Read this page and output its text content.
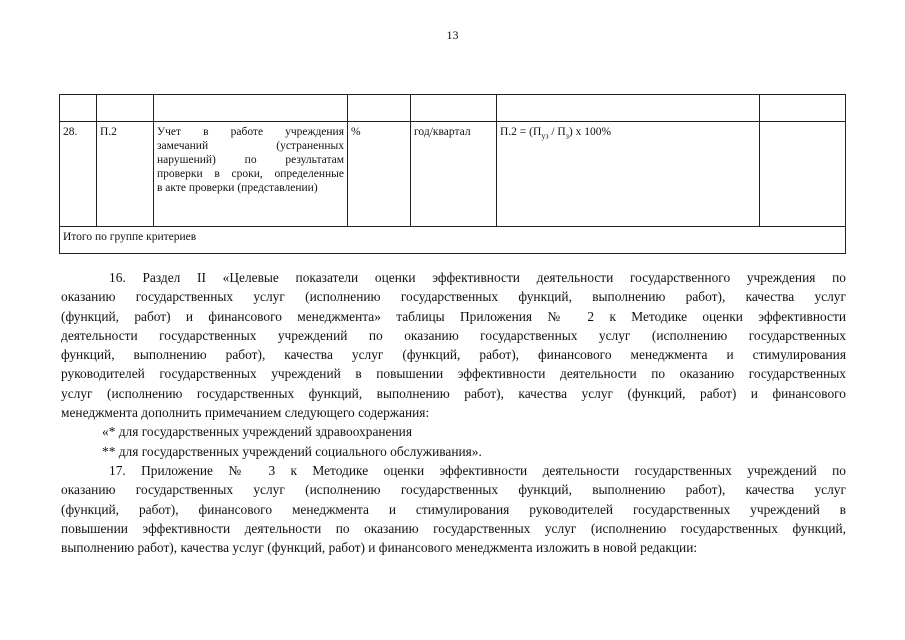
13

28.	П.2	Учет в работе учреждения
замечаний (устраненных
нарушений) по результатам
проверки в сроки, определенные
в акте проверки (представлении)	%	год/квартал	$П.2 = (П_{уз} / П_з)$ х 100%	
Итого по группе критериев						
16. Раздел II «Целевые показатели оценки эффективности деятельности государственного учреждения по
оказанию государственных услуг (исполнению государственных функций, выполнению работ), качества услуг
(функций, работ) и финансового менеджмента» таблицы Приложения № 2 к Методике оценки эффективности
деятельности государственных учреждений по оказанию государственных услуг (исполнению государственных
функций, выполнению работ), качества услуг (функций, работ), финансового менеджмента и стимулирования
руководителей государственных учреждений в повышении эффективности деятельности по оказанию государственных
услуг (исполнению государственных функций, выполнению работ), качества услуг (функций, работ) и финансового
менеджмента дополнить примечанием следующего содержания:
«* для государственных учреждений здравоохранения
** для государственных учреждений социального обслуживания».
17. Приложение № 3 к Методике оценки эффективности деятельности государственных учреждений по
оказанию государственных услуг (исполнению государственных функций, выполнению работ), качества услуг
(функций, работ), финансового менеджмента и стимулирования руководителей государственных учреждений в
повышении эффективности деятельности по оказанию государственных услуг (исполнению государственных функций,
выполнению работ), качества услуг (функций, работ) и финансового менеджмента изложить в новой редакции:
